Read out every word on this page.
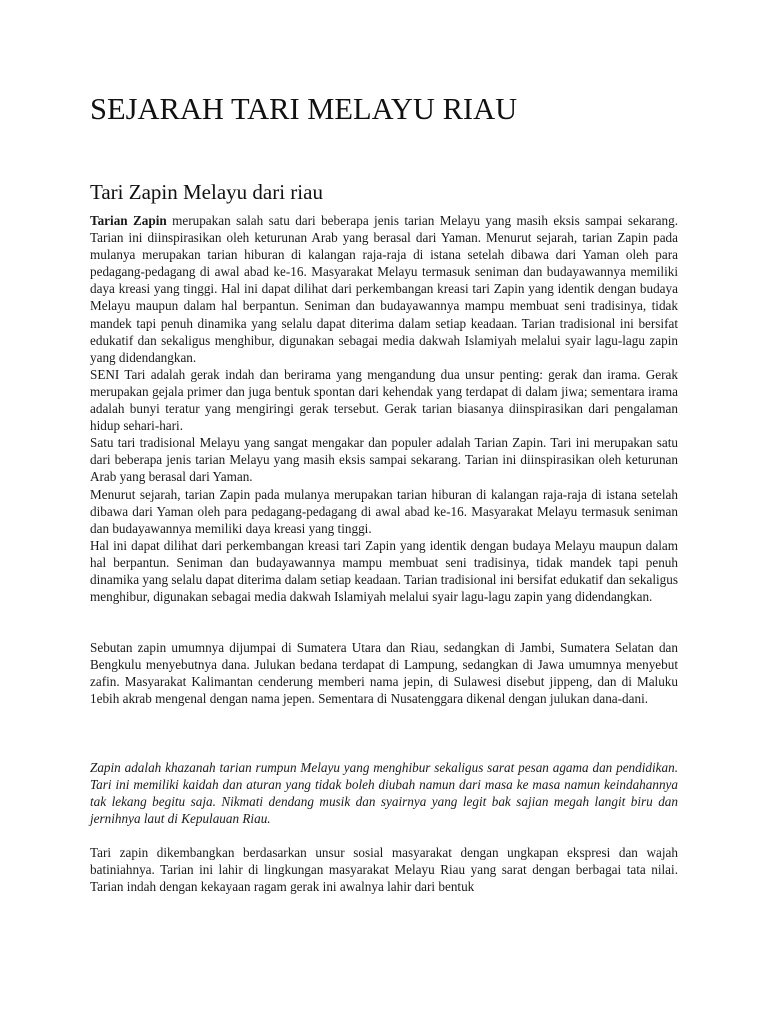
SEJARAH TARI MELAYU RIAU
Tari Zapin Melayu dari riau

Tarian Zapin merupakan salah satu dari beberapa jenis tarian Melayu yang masih eksis sampai sekarang. Tarian ini diinspirasikan oleh keturunan Arab yang berasal dari Yaman. Menurut sejarah, tarian Zapin pada mulanya merupakan tarian hiburan di kalangan raja-raja di istana setelah dibawa dari Yaman oleh para pedagang-pedagang di awal abad ke-16. Masyarakat Melayu termasuk seniman dan budayawannya memiliki daya kreasi yang tinggi. Hal ini dapat dilihat dari perkembangan kreasi tari Zapin yang identik dengan budaya Melayu maupun dalam hal berpantun. Seniman dan budayawannya mampu membuat seni tradisinya, tidak mandek tapi penuh dinamika yang selalu dapat diterima dalam setiap keadaan. Tarian tradisional ini bersifat edukatif dan sekaligus menghibur, digunakan sebagai media dakwah Islamiyah melalui syair lagu-lagu zapin yang didendangkan.

SENI Tari adalah gerak indah dan berirama yang mengandung dua unsur penting: gerak dan irama. Gerak merupakan gejala primer dan juga bentuk spontan dari kehendak yang terdapat di dalam jiwa; sementara irama adalah bunyi teratur yang mengiringi gerak tersebut. Gerak tarian biasanya diinspirasikan dari pengalaman hidup sehari-hari.

Satu tari tradisional Melayu yang sangat mengakar dan populer adalah Tarian Zapin. Tari ini merupakan satu dari beberapa jenis tarian Melayu yang masih eksis sampai sekarang. Tarian ini diinspirasikan oleh keturunan Arab yang berasal dari Yaman.

Menurut sejarah, tarian Zapin pada mulanya merupakan tarian hiburan di kalangan raja-raja di istana setelah dibawa dari Yaman oleh para pedagang-pedagang di awal abad ke-16. Masyarakat Melayu termasuk seniman dan budayawannya memiliki daya kreasi yang tinggi.

Hal ini dapat dilihat dari perkembangan kreasi tari Zapin yang identik dengan budaya Melayu maupun dalam hal berpantun. Seniman dan budayawannya mampu membuat seni tradisinya, tidak mandek tapi penuh dinamika yang selalu dapat diterima dalam setiap keadaan. Tarian tradisional ini bersifat edukatif dan sekaligus menghibur, digunakan sebagai media dakwah Islamiyah melalui syair lagu-lagu zapin yang didendangkan.

Sebutan zapin umumnya dijumpai di Sumatera Utara dan Riau, sedangkan di Jambi, Sumatera Selatan dan Bengkulu menyebutnya dana. Julukan bedana terdapat di Lampung, sedangkan di Jawa umumnya menyebut zafin. Masyarakat Kalimantan cenderung memberi nama jepin, di Sulawesi disebut jippeng, dan di Maluku 1ebih akrab mengenal dengan nama jepen. Sementara di Nusatenggara dikenal dengan julukan dana-dani.

Zapin adalah khazanah tarian rumpun Melayu yang menghibur sekaligus sarat pesan agama dan pendidikan. Tari ini memiliki kaidah dan aturan yang tidak boleh diubah namun dari masa ke masa namun keindahannya tak lekang begitu saja. Nikmati dendang musik dan syairnya yang legit bak sajian megah langit biru dan jernihnya laut di Kepulauan Riau.

Tari zapin dikembangkan berdasarkan unsur sosial masyarakat dengan ungkapan ekspresi dan wajah batiniahnya. Tarian ini lahir di lingkungan masyarakat Melayu Riau yang sarat dengan berbagai tata nilai. Tarian indah dengan kekayaan ragam gerak ini awalnya lahir dari bentuk
